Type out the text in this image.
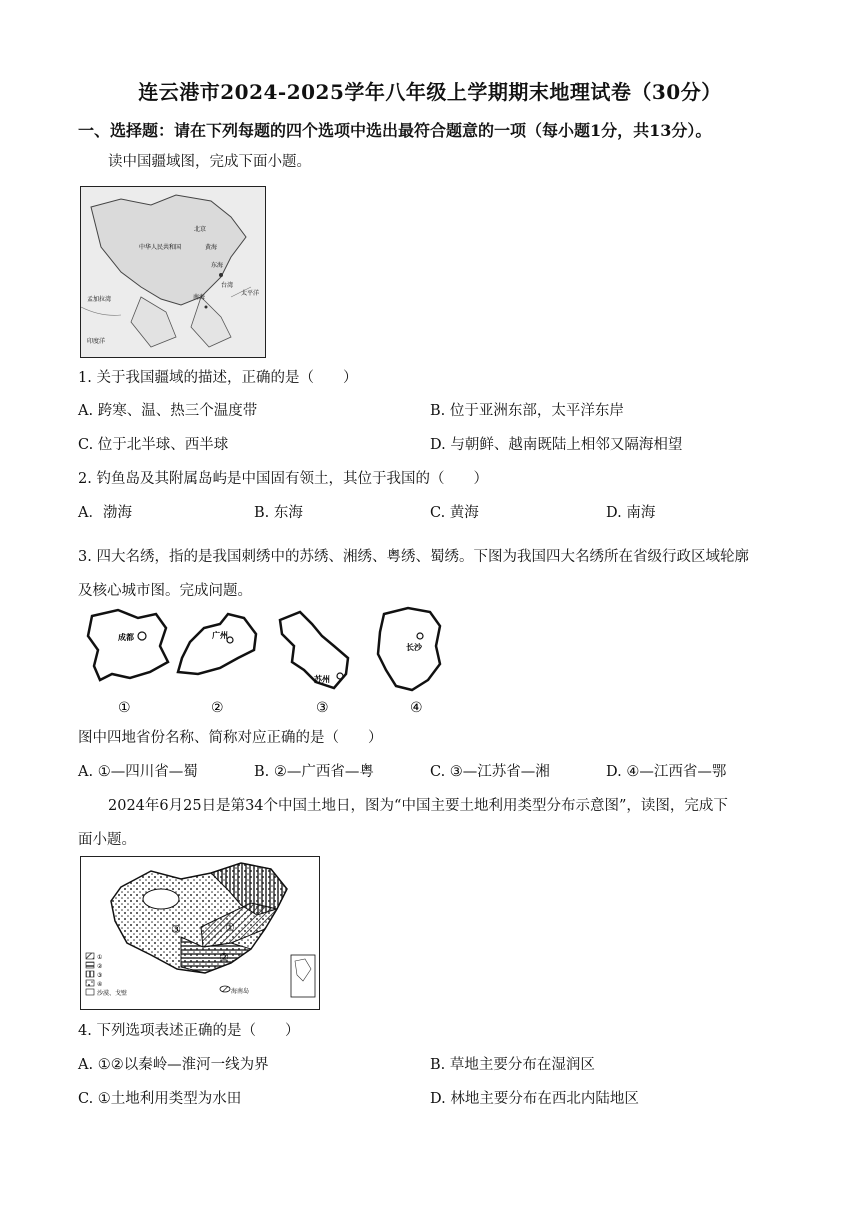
连云港市2024-2025学年八年级上学期期末地理试卷（30分）
一、选择题：请在下列每题的四个选项中选出最符合题意的一项（每小题1分，共13分）。
读中国疆域图，完成下面小题。
北京
中华人民共和国	黄海
东海
台湾
南海
太平洋
孟加拉湾
印度洋
1. 关于我国疆域的描述，正确的是（　　）
A. 跨寒、温、热三个温度带	B. 位于亚洲东部，太平洋东岸
C. 位于北半球、西半球	D. 与朝鲜、越南既陆上相邻又隔海相望
2. 钓鱼岛及其附属岛屿是中国固有领土，其位于我国的（　　）
A．渤海	B. 东海	C. 黄海	D. 南海
3. 四大名绣，指的是我国刺绣中的苏绣、湘绣、粤绣、蜀绣。下图为我国四大名绣所在省级行政区域轮廓
及核心城市图。完成问题。
成都
①
广州
②
苏州
③
长沙
④
图中四地省份名称、简称对应正确的是（　　）
A. ①—四川省—蜀	B. ②—广西省—粤	C. ③—江苏省—湘	D. ④—江西省—鄂
2024年6月25日是第34个中国土地日，图为“中国主要土地利用类型分布示意图”，读图，完成下
面小题。
③
②
①
海南岛
①
②
③
④
沙漠、戈壁
4. 下列选项表述正确的是（　　）
A. ①②以秦岭—淮河一线为界	B. 草地主要分布在湿润区
C. ①土地利用类型为水田	D. 林地主要分布在西北内陆地区
